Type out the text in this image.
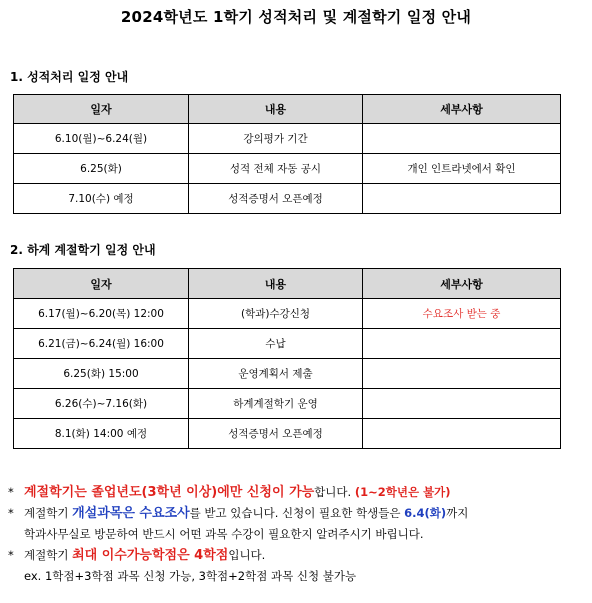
2024학년도 1학기 성적처리 및 계절학기 일정 안내
1. 성적처리 일정 안내
일자	내용	세부사항
6.10(월)~6.24(월)	강의평가 기간	
6.25(화)	성적 전체 자동 공시	개인 인트라넷에서 확인
7.10(수) 예정	성적증명서 오픈예정	
2. 하계 계절학기 일정 안내
일자	내용	세부사항
6.17(월)~6.20(목) 12:00	(학과)수강신청	수요조사 받는 중
6.21(금)~6.24(월) 16:00	수납	
6.25(화) 15:00	운영계획서 제출	
6.26(수)~7.16(화)	하계계절학기 운영	
8.1(화) 14:00 예정	성적증명서 오픈예정	
* 계절학기는 졸업년도(3학년 이상)에만 신청이 가능합니다. (1~2학년은 불가)
* 계절학기 개설과목은 수요조사를 받고 있습니다. 신청이 필요한 학생들은 6.4(화)까지
학과사무실로 방문하여 반드시 어떤 과목 수강이 필요한지 알려주시기 바립니다.
* 계절학기 최대 이수가능학점은 4학점입니다.
ex. 1학점+3학점 과목 신청 가능, 3학점+2학점 과목 신청 불가능
